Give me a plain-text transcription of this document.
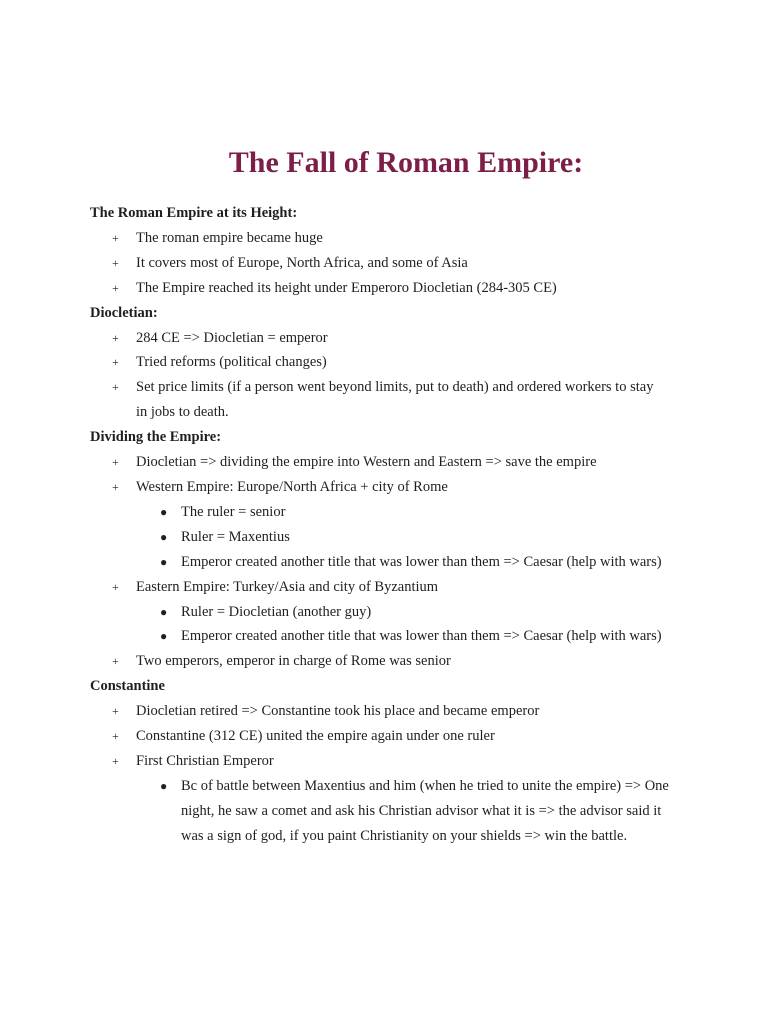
The Fall of Roman Empire:

The Roman Empire at its Height:

+ The roman empire became huge
+ It covers most of Europe, North Africa, and some of Asia
+ The Empire reached its height under Emperoro Diocletian (284-305 CE)

Diocletian:

+ 284 CE => Diocletian = emperor
+ Tried reforms (political changes)
+ Set price limits (if a person went beyond limits, put to death) and ordered workers to stay in jobs to death.

Dividing the Empire:

+ Diocletian => dividing the empire into Western and Eastern => save the empire
+ Western Empire: Europe/North Africa + city of Rome
● The ruler = senior
● Ruler = Maxentius
● Emperor created another title that was lower than them => Caesar (help with wars)
+ Eastern Empire: Turkey/Asia and city of Byzantium
● Ruler = Diocletian (another guy)
● Emperor created another title that was lower than them => Caesar (help with wars)
+ Two emperors, emperor in charge of Rome was senior

Constantine

+ Diocletian retired => Constantine took his place and became emperor
+ Constantine (312 CE) united the empire again under one ruler
+ First Christian Emperor
● Bc of battle between Maxentius and him (when he tried to unite the empire) => One night, he saw a comet and ask his Christian advisor what it is => the advisor said it was a sign of god, if you paint Christianity on your shields => win the battle.
